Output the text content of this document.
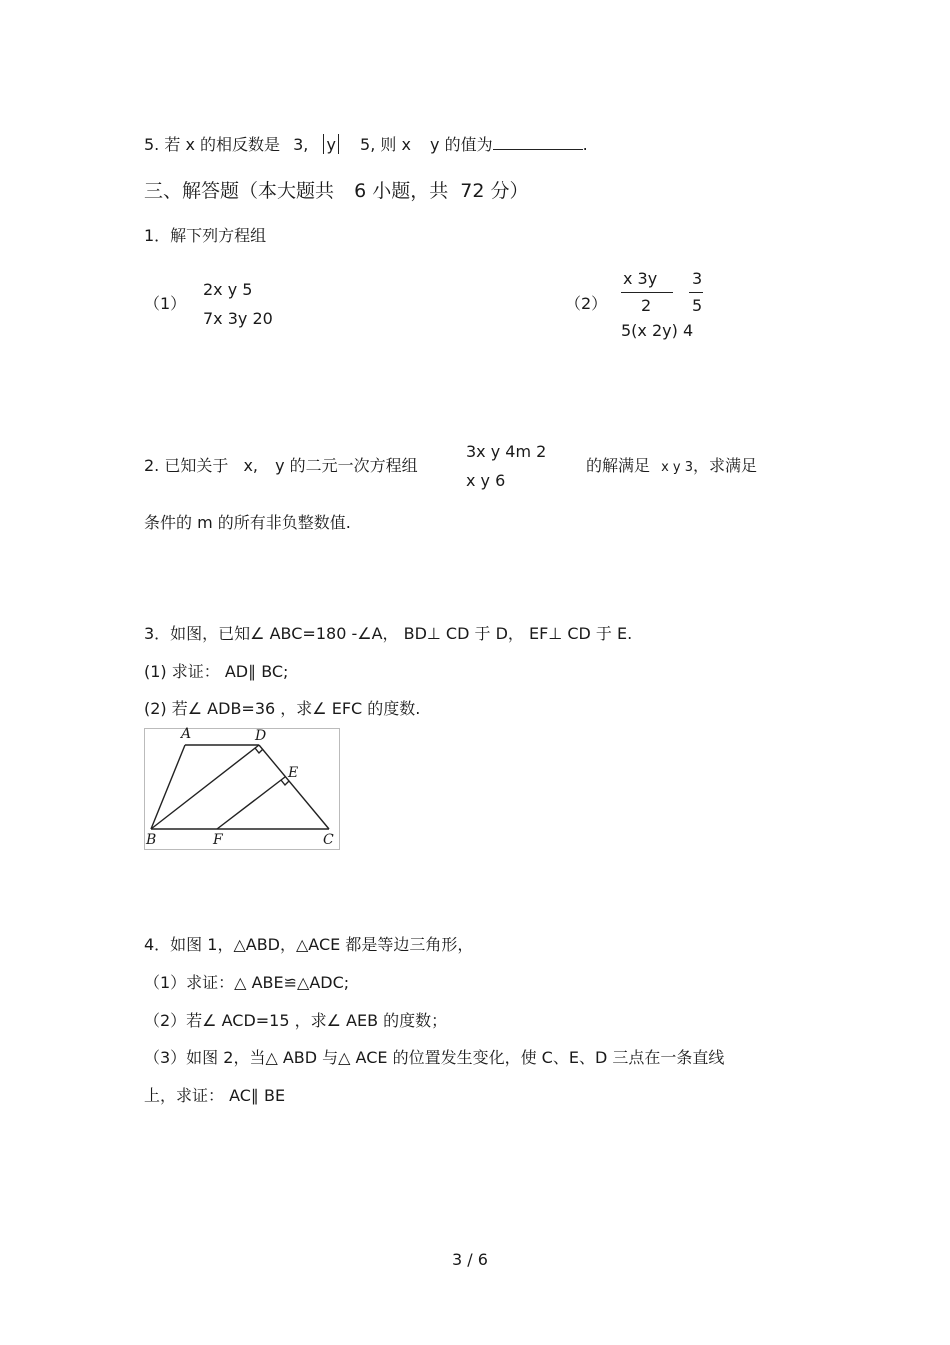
5. 若 x 的相反数是 3, y 5, 则 x y 的值为	.
三、解答题（本大题共 6 小题，共 72 分）
1．解下列方程组
（1）
2x y 5
7x 3y 20
（2）
x 3y
2
3
5
5(x 2y) 4
2. 已知关于 x, y 的二元一次方程组
3x y 4m 2
x y 6
的解满足 x y 3，求满足
条件的 m 的所有非负整数值.
3．如图，已知∠ ABC=180 -∠A， BD⊥ CD 于 D， EF⊥ CD 于 E.
(1) 求证： AD∥ BC;
(2) 若∠ ADB=36 ，求∠ EFC 的度数.
A	D
E
B	F	C
4．如图 1，△ABD，△ACE 都是等边三角形，
（1）求证：△ ABE≌△ADC;
（2）若∠ ACD=15 ，求∠ AEB 的度数；
（3）如图 2，当△ ABD 与△ ACE 的位置发生变化，使 C、E、D 三点在一条直线
上，求证： AC∥ BE
3 / 6
